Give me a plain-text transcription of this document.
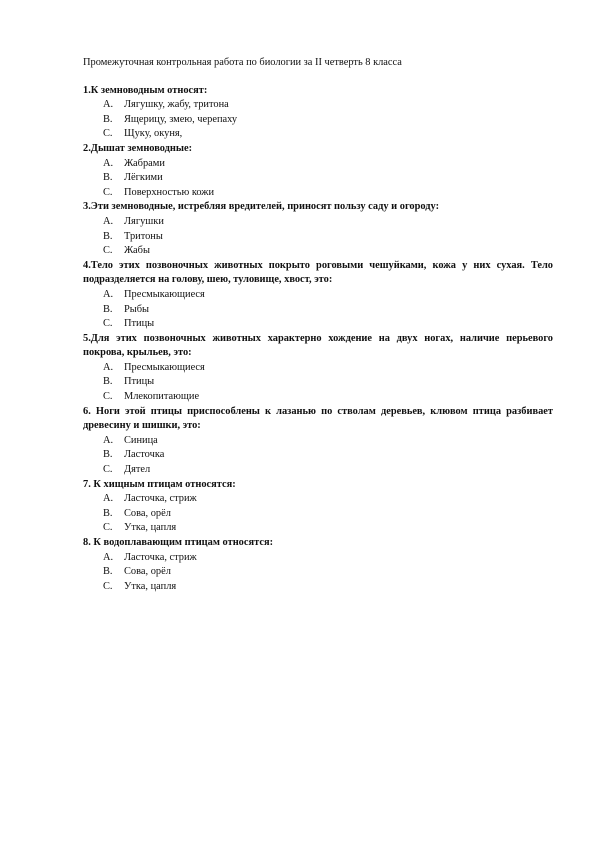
Промежуточная контрольная работа по биологии за II четверть 8 класса

1.К земноводным относят:

A.	Лягушку, жабу, тритона
B.	Ящерицу, змею, черепаху
C.	Щуку, окуня,

2.Дышат земноводные:

A.	Жабрами
B.	Лёгкими
C.	Поверхностью кожи

3.Эти земноводные, истребляя вредителей, приносят пользу саду и огороду:

A.	Лягушки
B.	Тритоны
C.	Жабы

4.Тело этих позвоночных животных покрыто роговыми чешуйками, кожа у них сухая. Тело подразделяется на голову, шею, туловище, хвост, это:

A.	Пресмыкающиеся
B.	Рыбы
C.	Птицы

5.Для этих позвоночных животных характерно хождение на двух ногах, наличие перьевого покрова, крыльев, это:

A.	Пресмыкающиеся
B.	Птицы
C.	Млекопитающие

6. Ноги этой птицы приспособлены к лазанью по стволам деревьев, клювом птица разбивает древесину и шишки, это:

A.	Синица
B.	Ласточка
C.	Дятел

7. К хищным птицам относятся:

A.	Ласточка, стриж
B.	Сова, орёл
C.	Утка, цапля

8. К водоплавающим птицам относятся:

A.	Ласточка, стриж
B.	Сова, орёл
C.	Утка, цапля
